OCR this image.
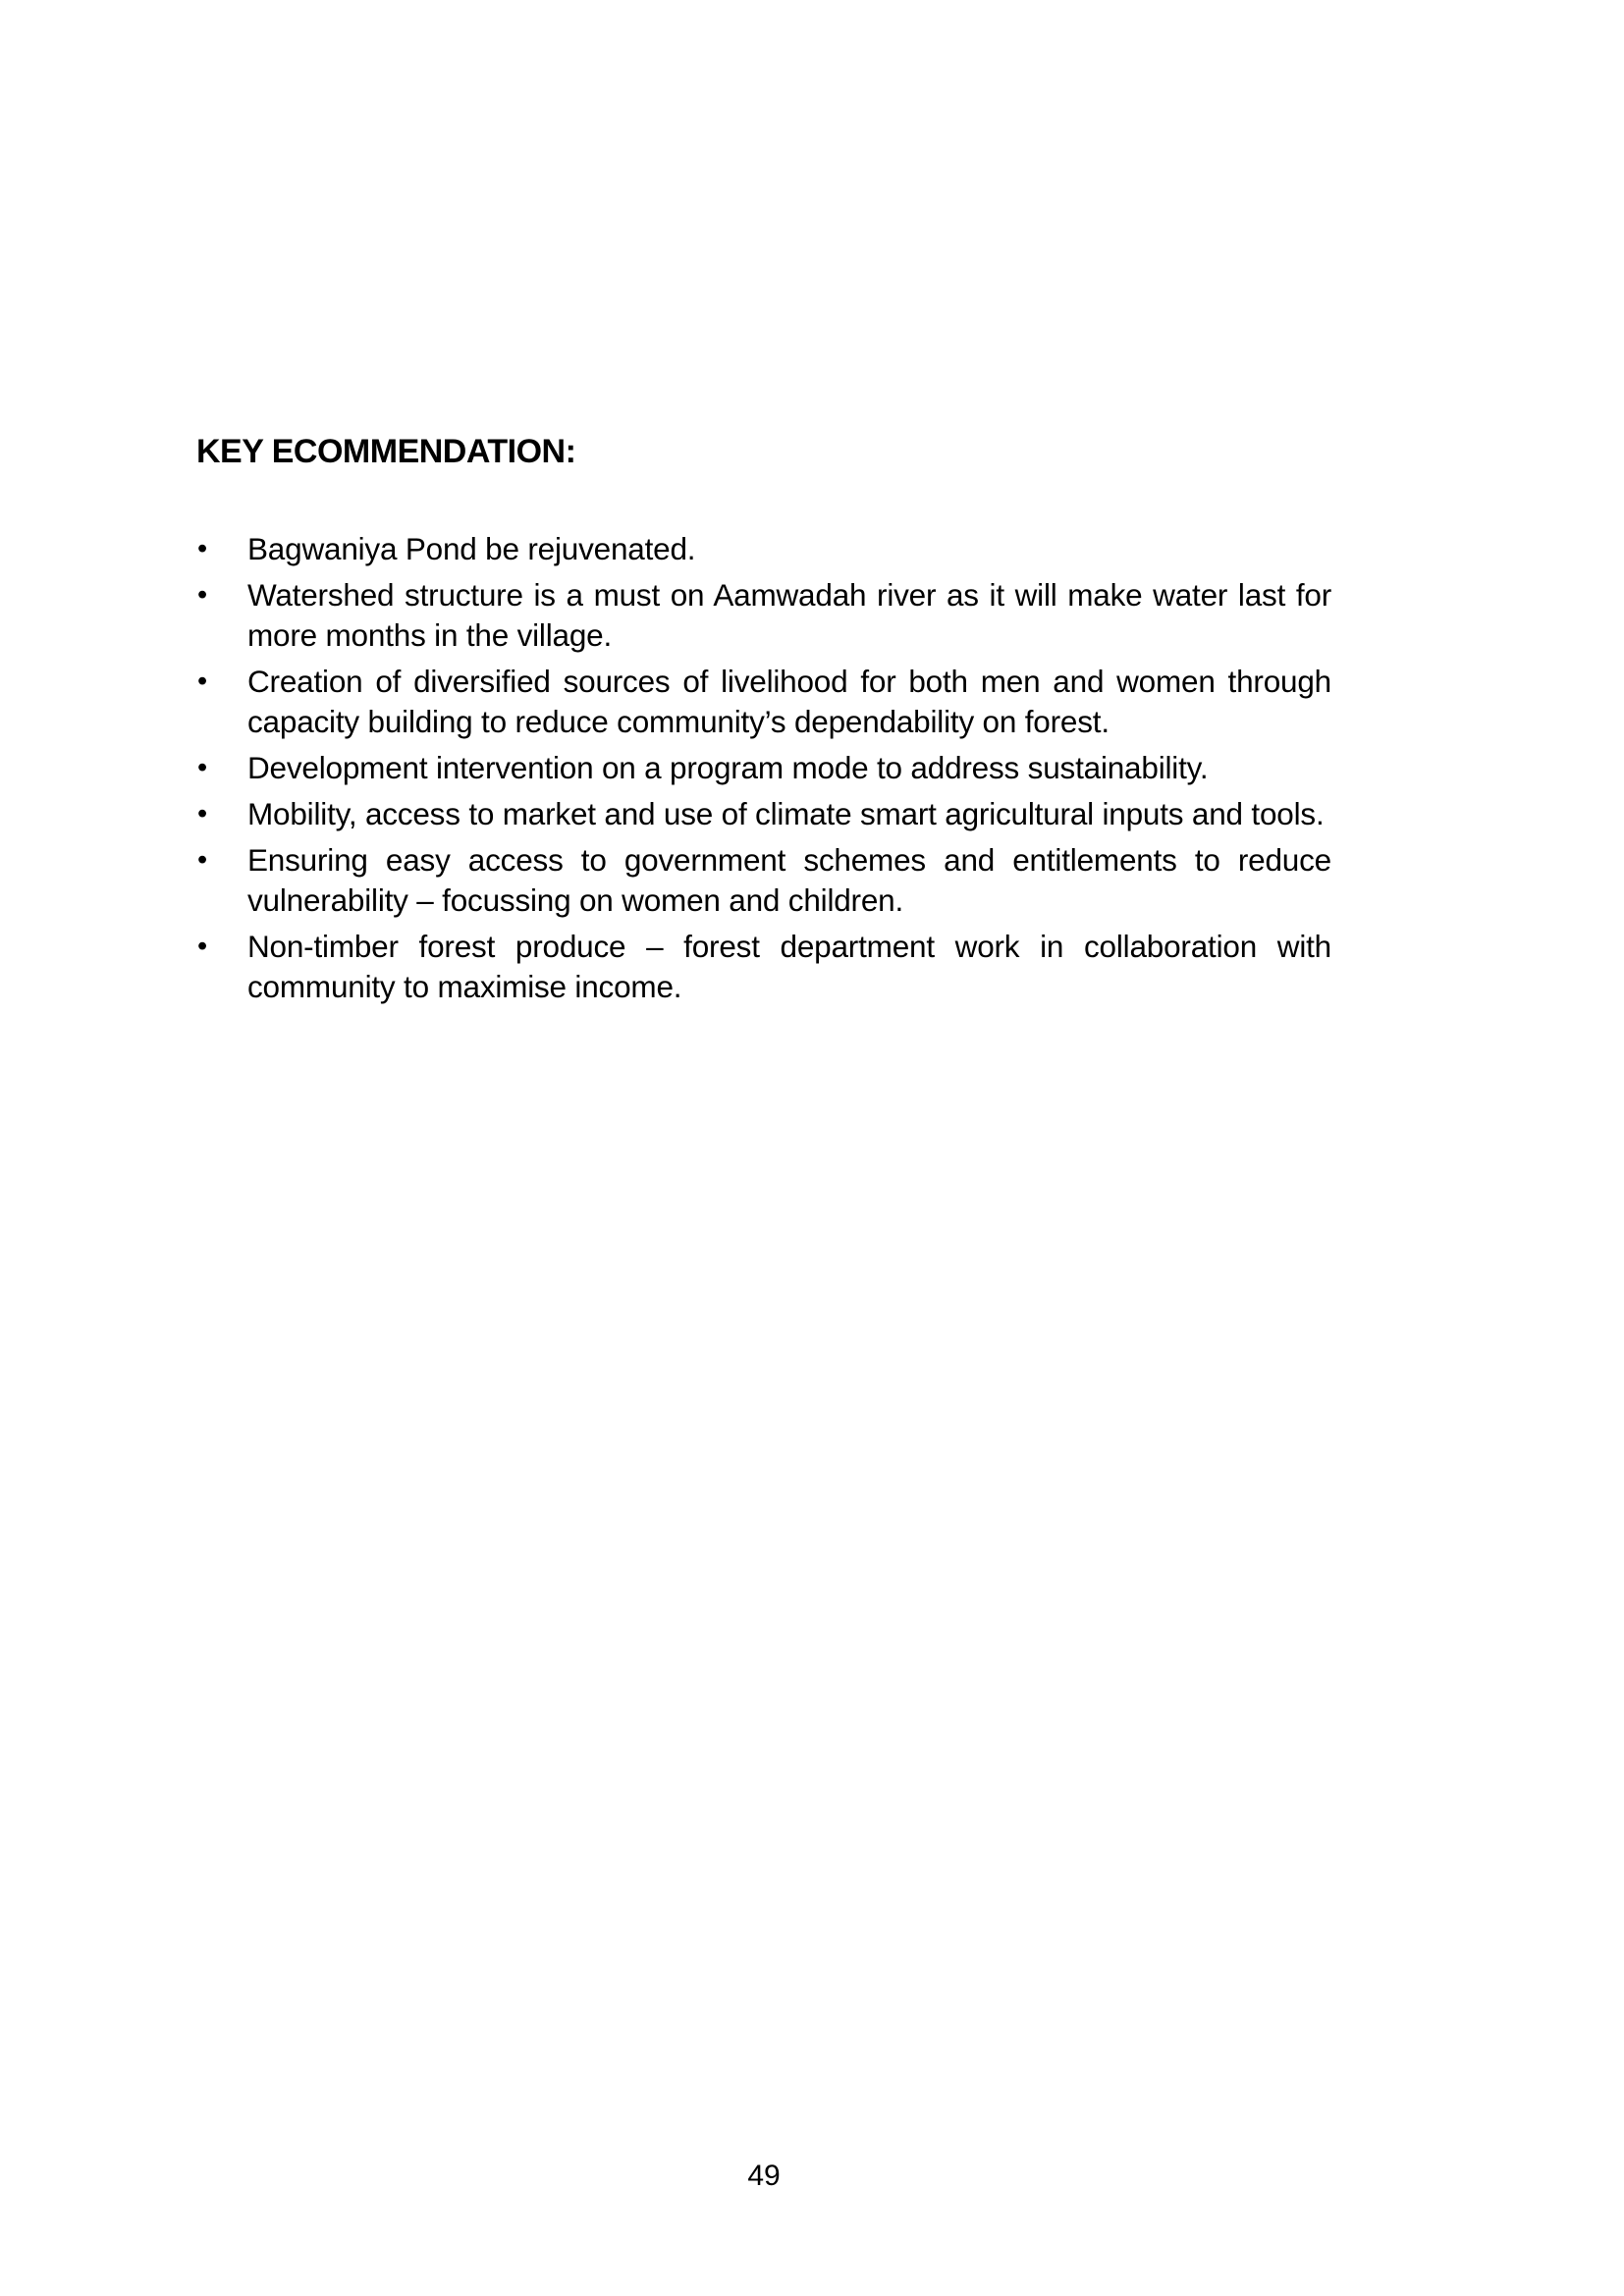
KEY ECOMMENDATION:
•	Bagwaniya Pond be rejuvenated.
•	Watershed structure is a must on Aamwadah river as it will make water last for
more months in the village.
•	Creation of diversified sources of livelihood for both men and women through
capacity building to reduce community’s dependability on forest.
•	Development intervention on a program mode to address sustainability.
•	Mobility, access to market and use of climate smart agricultural inputs and tools.
•	Ensuring easy access to government schemes and entitlements to reduce
vulnerability – focussing on women and children.
•	Non-timber forest produce – forest department work in collaboration with
community to maximise income.
49
